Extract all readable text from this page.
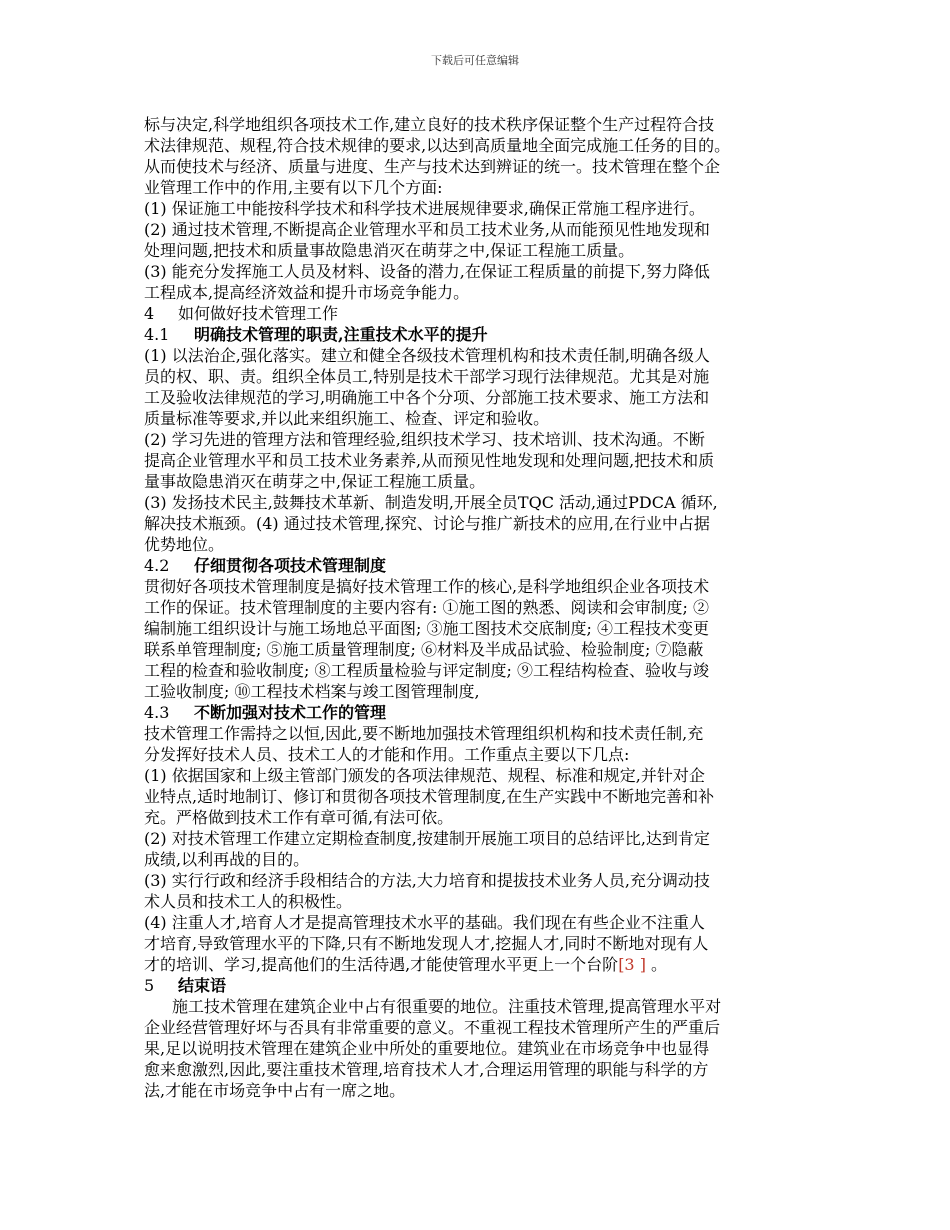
下载后可任意编辑
标与决定,科学地组织各项技术工作,建立良好的技术秩序保证整个生产过程符合技
术法律规范、规程,符合技术规律的要求,以达到高质量地全面完成施工任务的目的。
从而使技术与经济、质量与进度、生产与技术达到辨证的统一。技术管理在整个企
业管理工作中的作用,主要有以下几个方面:
(1) 保证施工中能按科学技术和科学技术进展规律要求,确保正常施工程序进行。
(2) 通过技术管理,不断提高企业管理水平和员工技术业务,从而能预见性地发现和
处理问题,把技术和质量事故隐患消灭在萌芽之中,保证工程施工质量。
(3) 能充分发挥施工人员及材料、设备的潜力,在保证工程质量的前提下,努力降低
工程成本,提高经济效益和提升市场竞争能力。
4 如何做好技术管理工作
4.1 明确技术管理的职责,注重技术水平的提升
(1) 以法治企,强化落实。建立和健全各级技术管理机构和技术责任制,明确各级人
员的权、职、责。组织全体员工,特别是技术干部学习现行法律规范。尤其是对施
工及验收法律规范的学习,明确施工中各个分项、分部施工技术要求、施工方法和
质量标准等要求,并以此来组织施工、检查、评定和验收。
(2) 学习先进的管理方法和管理经验,组织技术学习、技术培训、技术沟通。不断
提高企业管理水平和员工技术业务素养,从而预见性地发现和处理问题,把技术和质
量事故隐患消灭在萌芽之中,保证工程施工质量。
(3) 发扬技术民主,鼓舞技术革新、制造发明,开展全员TQC 活动,通过PDCA 循环,
解决技术瓶颈。(4) 通过技术管理,探究、讨论与推广新技术的应用,在行业中占据
优势地位。
4.2 仔细贯彻各项技术管理制度
贯彻好各项技术管理制度是搞好技术管理工作的核心,是科学地组织企业各项技术
工作的保证。技术管理制度的主要内容有: ①施工图的熟悉、阅读和会审制度; ②
编制施工组织设计与施工场地总平面图; ③施工图技术交底制度; ④工程技术变更
联系单管理制度; ⑤施工质量管理制度; ⑥材料及半成品试验、检验制度; ⑦隐蔽
工程的检查和验收制度; ⑧工程质量检验与评定制度; ⑨工程结构检查、验收与竣
工验收制度; ⑩工程技术档案与竣工图管理制度,
4.3 不断加强对技术工作的管理
技术管理工作需持之以恒,因此,要不断地加强技术管理组织机构和技术责任制,充
分发挥好技术人员、技术工人的才能和作用。工作重点主要以下几点:
(1) 依据国家和上级主管部门颁发的各项法律规范、规程、标准和规定,并针对企
业特点,适时地制订、修订和贯彻各项技术管理制度,在生产实践中不断地完善和补
充。严格做到技术工作有章可循,有法可依。
(2) 对技术管理工作建立定期检查制度,按建制开展施工项目的总结评比,达到肯定
成绩,以利再战的目的。
(3) 实行行政和经济手段相结合的方法,大力培育和提拔技术业务人员,充分调动技
术人员和技术工人的积极性。
(4) 注重人才,培育人才是提高管理技术水平的基础。我们现在有些企业不注重人
才培育,导致管理水平的下降,只有不断地发现人才,挖掘人才,同时不断地对现有人
才的培训、学习,提高他们的生活待遇,才能使管理水平更上一个台阶[3 ] 。
5 结束语
施工技术管理在建筑企业中占有很重要的地位。注重技术管理,提高管理水平对
企业经营管理好坏与否具有非常重要的意义。不重视工程技术管理所产生的严重后
果,足以说明技术管理在建筑企业中所处的重要地位。建筑业在市场竞争中也显得
愈来愈激烈,因此,要注重技术管理,培育技术人才,合理运用管理的职能与科学的方
法,才能在市场竞争中占有一席之地。
